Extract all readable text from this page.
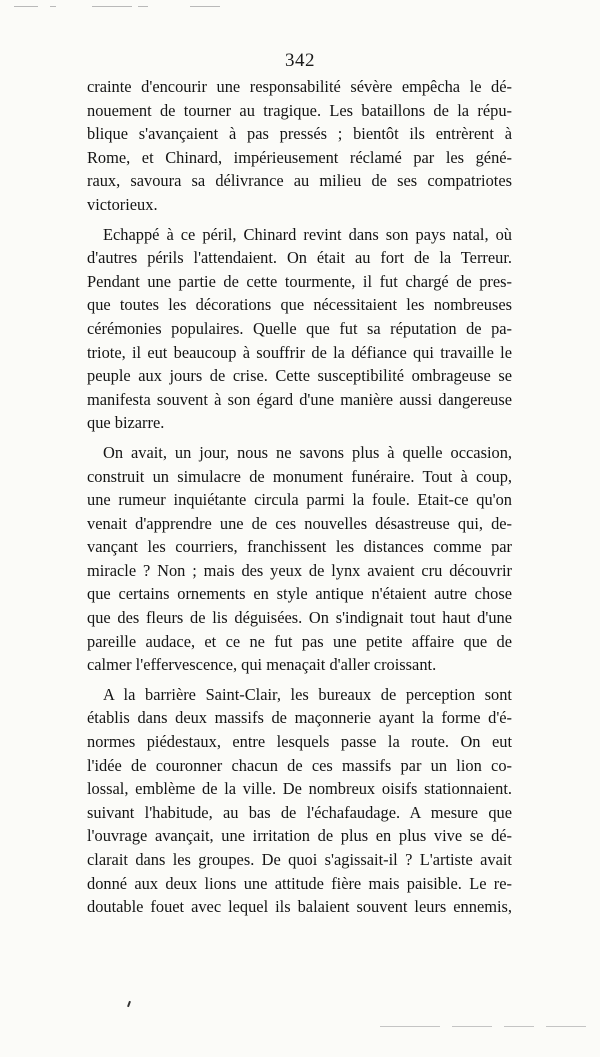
342
crainte d'encourir une responsabilité sévère empêcha le dé-
nouement de tourner au tragique. Les bataillons de la répu-
blique s'avançaient à pas pressés ; bientôt ils entrèrent à
Rome, et Chinard, impérieusement réclamé par les géné-
raux, savoura sa délivrance au milieu de ses compatriotes
victorieux.
Echappé à ce péril, Chinard revint dans son pays natal, où
d'autres périls l'attendaient. On était au fort de la Terreur.
Pendant une partie de cette tourmente, il fut chargé de pres-
que toutes les décorations que nécessitaient les nombreuses
cérémonies populaires. Quelle que fut sa réputation de pa-
triote, il eut beaucoup à souffrir de la défiance qui travaille le
peuple aux jours de crise. Cette susceptibilité ombrageuse se
manifesta souvent à son égard d'une manière aussi dangereuse
que bizarre.
On avait, un jour, nous ne savons plus à quelle occasion,
construit un simulacre de monument funéraire. Tout à coup,
une rumeur inquiétante circula parmi la foule. Etait-ce qu'on
venait d'apprendre une de ces nouvelles désastreuse qui, de-
vançant les courriers, franchissent les distances comme par
miracle ? Non ; mais des yeux de lynx avaient cru découvrir
que certains ornements en style antique n'étaient autre chose
que des fleurs de lis déguisées. On s'indignait tout haut d'une
pareille audace, et ce ne fut pas une petite affaire que de
calmer l'effervescence, qui menaçait d'aller croissant.
A la barrière Saint-Clair, les bureaux de perception sont
établis dans deux massifs de maçonnerie ayant la forme d'é-
normes piédestaux, entre lesquels passe la route. On eut
l'idée de couronner chacun de ces massifs par un lion co-
lossal, emblème de la ville. De nombreux oisifs stationnaient.
suivant l'habitude, au bas de l'échafaudage. A mesure que
l'ouvrage avançait, une irritation de plus en plus vive se dé-
clarait dans les groupes. De quoi s'agissait-il ? L'artiste avait
donné aux deux lions une attitude fière mais paisible. Le re-
doutable fouet avec lequel ils balaient souvent leurs ennemis,
